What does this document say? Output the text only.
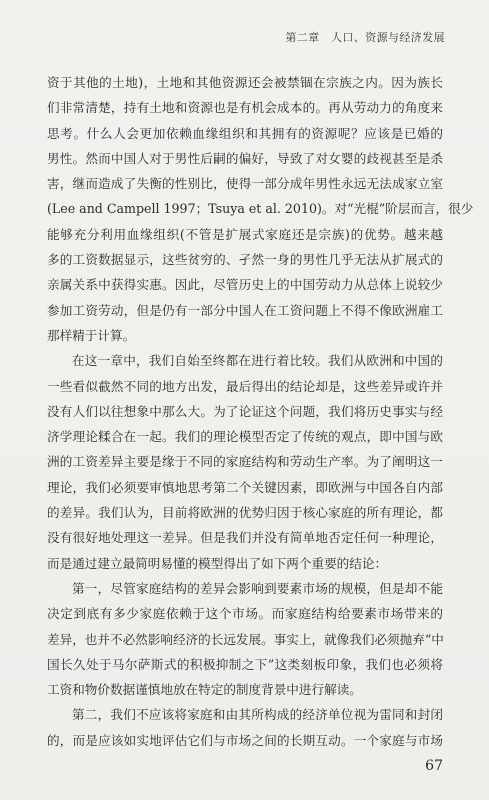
第二章　人口、资源与经济发展
资于其他的土地)，土地和其他资源还会被禁锢在宗族之内。因为族长
们非常清楚，持有土地和资源也是有机会成本的。再从劳动力的角度来
思考。什么人会更加依赖血缘组织和其拥有的资源呢？应该是已婚的
男性。然而中国人对于男性后嗣的偏好，导致了对女婴的歧视甚至是杀
害，继而造成了失衡的性别比，使得一部分成年男性永远无法成家立室
(Lee and Campell 1997；Tsuya et al. 2010)。对“光棍”阶层而言，很少
能够充分利用血缘组织(不管是扩展式家庭还是宗族)的优势。越来越
多的工资数据显示，这些贫穷的、孑然一身的男性几乎无法从扩展式的
亲属关系中获得实惠。因此，尽管历史上的中国劳动力从总体上说较少
参加工资劳动，但是仍有一部分中国人在工资问题上不得不像欧洲雇工
那样精于计算。
在这一章中，我们自始至终都在进行着比较。我们从欧洲和中国的
一些看似截然不同的地方出发，最后得出的结论却是，这些差异或许并
没有人们以往想象中那么大。为了论证这个问题，我们将历史事实与经
济学理论糅合在一起。我们的理论模型否定了传统的观点，即中国与欧
洲的工资差异主要是缘于不同的家庭结构和劳动生产率。为了阐明这一
理论，我们必须要审慎地思考第二个关键因素，即欧洲与中国各自内部
的差异。我们认为，目前将欧洲的优势归因于核心家庭的所有理论，都
没有很好地处理这一差异。但是我们并没有简单地否定任何一种理论，
而是通过建立最简明易懂的模型得出了如下两个重要的结论：
第一，尽管家庭结构的差异会影响到要素市场的规模，但是却不能
决定到底有多少家庭依赖于这个市场。而家庭结构给要素市场带来的
差异，也并不必然影响经济的长远发展。事实上，就像我们必须抛弃“中
国长久处于马尔萨斯式的积极抑制之下”这类刻板印象，我们也必须将
工资和物价数据谨慎地放在特定的制度背景中进行解读。
第二，我们不应该将家庭和由其所构成的经济单位视为雷同和封闭
的，而是应该如实地评估它们与市场之间的长期互动。一个家庭与市场
67
